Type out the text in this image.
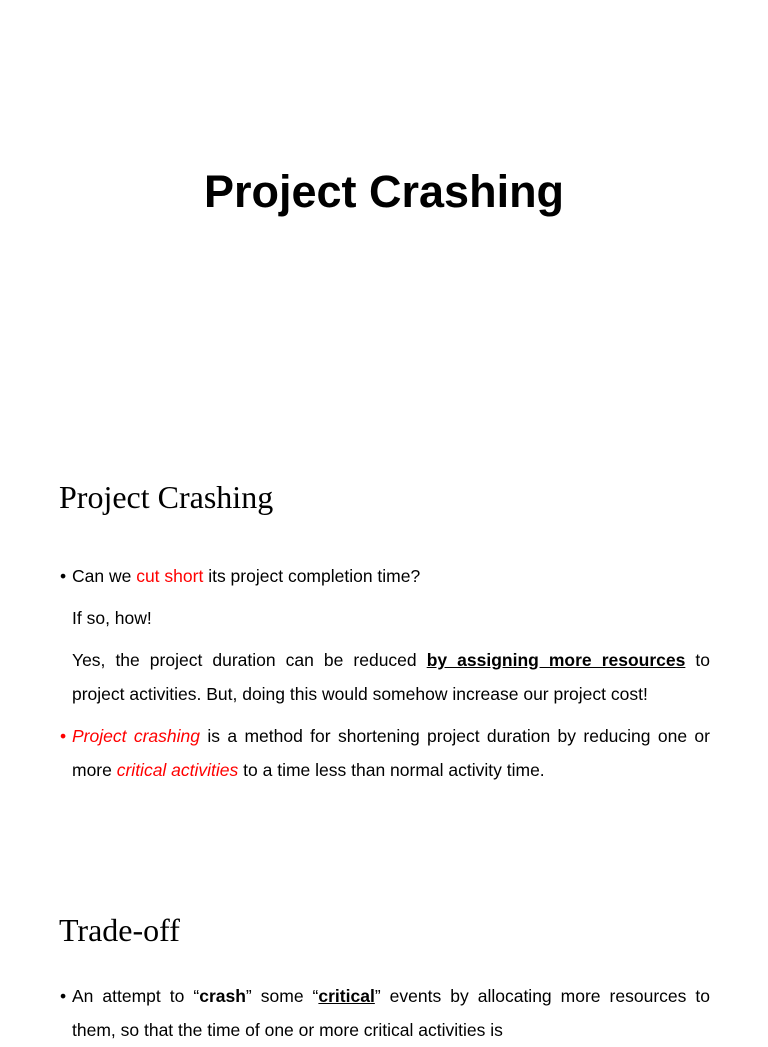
Project Crashing
Project Crashing
• Can we cut short its project completion time?
If so, how!
Yes, the project duration can be reduced by assigning more resources to project activities. But, doing this would somehow increase our project cost!
• Project crashing is a method for shortening project duration by reducing one or more critical activities to a time less than normal activity time.
Trade-off
• An attempt to “crash” some “critical” events by allocating more resources to them, so that the time of one or more critical activities is
